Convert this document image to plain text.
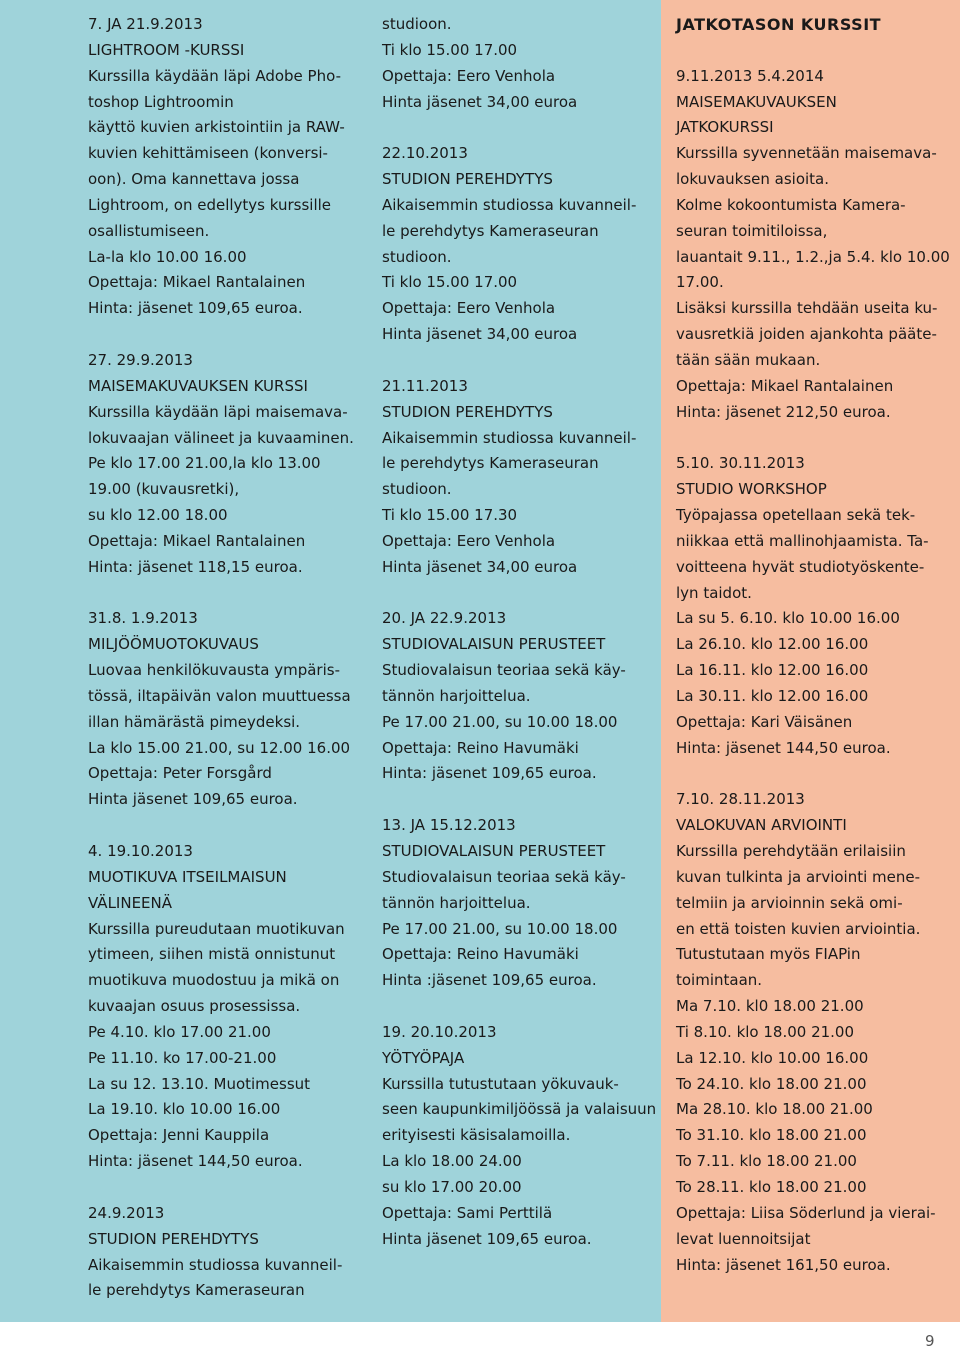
7. JA 21.9.2013
LIGHTROOM -KURSSI
Kurssilla käydään läpi Adobe Pho-
toshop Lightroomin
käyttö kuvien arkistointiin ja RAW-
kuvien kehittämiseen (konversi-
oon). Oma kannettava jossa
Lightroom, on edellytys kurssille
osallistumiseen.
La-la klo 10.00 16.00
Opettaja: Mikael Rantalainen
Hinta: jäsenet 109,65 euroa.
27. 29.9.2013
MAISEMAKUVAUKSEN KURSSI
Kurssilla käydään läpi maisemava-
lokuvaajan välineet ja kuvaaminen.
Pe klo 17.00 21.00,la klo 13.00
19.00 (kuvausretki),
su klo 12.00 18.00
Opettaja: Mikael Rantalainen
Hinta: jäsenet 118,15 euroa.
31.8. 1.9.2013
MILJÖÖMUOTOKUVAUS
Luovaa henkilökuvausta ympäris-
tössä, iltapäivän valon muuttuessa
illan hämärästä pimeydeksi.
La klo 15.00 21.00, su 12.00 16.00
Opettaja: Peter Forsgård
Hinta jäsenet 109,65 euroa.
4. 19.10.2013
MUOTIKUVA ITSEILMAISUN
VÄLINEENÄ
Kurssilla pureudutaan muotikuvan
ytimeen, siihen mistä onnistunut
muotikuva muodostuu ja mikä on
kuvaajan osuus prosessissa.
Pe 4.10. klo 17.00 21.00
Pe 11.10. ko 17.00-21.00
La su 12. 13.10. Muotimessut
La 19.10. klo 10.00 16.00
Opettaja: Jenni Kauppila
Hinta: jäsenet 144,50 euroa.
24.9.2013
STUDION PEREHDYTYS
Aikaisemmin studiossa kuvanneil-
le perehdytys Kameraseuran
studioon.
Ti klo 15.00 17.00
Opettaja: Eero Venhola
Hinta jäsenet 34,00 euroa
22.10.2013
STUDION PEREHDYTYS
Aikaisemmin studiossa kuvanneil-
le perehdytys Kameraseuran
studioon.
Ti klo 15.00 17.00
Opettaja: Eero Venhola
Hinta jäsenet 34,00 euroa
21.11.2013
STUDION PEREHDYTYS
Aikaisemmin studiossa kuvanneil-
le perehdytys Kameraseuran
studioon.
Ti klo 15.00 17.30
Opettaja: Eero Venhola
Hinta jäsenet 34,00 euroa
20. JA 22.9.2013
STUDIOVALAISUN PERUSTEET
Studiovalaisun teoriaa sekä käy-
tännön harjoittelua.
Pe 17.00 21.00, su 10.00 18.00
Opettaja: Reino Havumäki
Hinta: jäsenet 109,65 euroa.
13. JA 15.12.2013
STUDIOVALAISUN PERUSTEET
Studiovalaisun teoriaa sekä käy-
tännön harjoittelua.
Pe 17.00 21.00, su 10.00 18.00
Opettaja: Reino Havumäki
Hinta :jäsenet 109,65 euroa.
19. 20.10.2013
YÖTYÖPAJA
Kurssilla tutustutaan yökuvauk-
seen kaupunkimiljöössä ja valaisuun
erityisesti käsisalamoilla.
La klo 18.00 24.00
su klo 17.00 20.00
Opettaja: Sami Perttilä
Hinta jäsenet 109,65 euroa.
JATKOTASON KURSSIT
9.11.2013 5.4.2014
MAISEMAKUVAUKSEN
JATKOKURSSI
Kurssilla syvennetään maisemava-
lokuvauksen asioita.
Kolme kokoontumista Kamera-
seuran toimitiloissa,
lauantait 9.11., 1.2.,ja 5.4. klo 10.00
17.00.
Lisäksi kurssilla tehdään useita ku-
vausretkiä joiden ajankohta pääte-
tään sään mukaan.
Opettaja: Mikael Rantalainen
Hinta: jäsenet 212,50 euroa.
5.10. 30.11.2013
STUDIO WORKSHOP
Työpajassa opetellaan sekä tek-
niikkaa että mallinohjaamista. Ta-
voitteena hyvät studiotyöskente-
lyn taidot.
La su 5. 6.10. klo 10.00 16.00
La 26.10. klo 12.00 16.00
La 16.11. klo 12.00 16.00
La 30.11. klo 12.00 16.00
Opettaja: Kari Väisänen
Hinta: jäsenet 144,50 euroa.
7.10. 28.11.2013
VALOKUVAN ARVIOINTI
Kurssilla perehdytään erilaisiin
kuvan tulkinta ja arviointi mene-
telmiin ja arvioinnin sekä omi-
en että toisten kuvien arviointia.
Tutustutaan myös FIAPin
toimintaan.
Ma 7.10. kl0 18.00 21.00
Ti 8.10. klo 18.00 21.00
La 12.10. klo 10.00 16.00
To 24.10. klo 18.00 21.00
Ma 28.10. klo 18.00 21.00
To 31.10. klo 18.00 21.00
To 7.11. klo 18.00 21.00
To 28.11. klo 18.00 21.00
Opettaja: Liisa Söderlund ja vierai-
levat luennoitsijat
Hinta: jäsenet 161,50 euroa.
9
